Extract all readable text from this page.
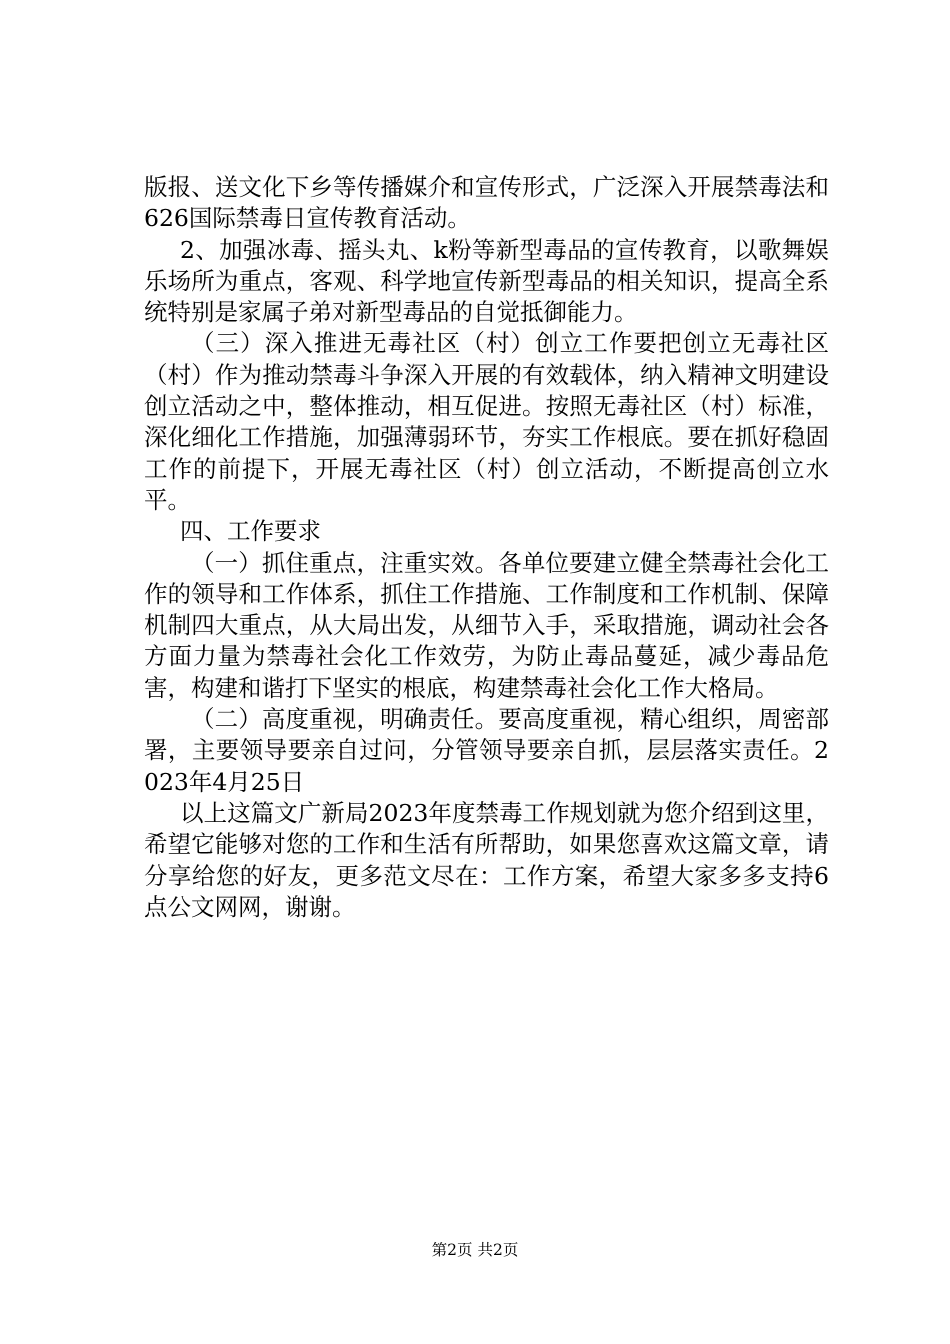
版报、送文化下乡等传播媒介和宣传形式，广泛深入开展禁毒法和626国际禁毒日宣传教育活动。

2、加强冰毒、摇头丸、k粉等新型毒品的宣传教育，以歌舞娱乐场所为重点，客观、科学地宣传新型毒品的相关知识，提高全系统特别是家属子弟对新型毒品的自觉抵御能力。

（三）深入推进无毒社区（村）创立工作要把创立无毒社区（村）作为推动禁毒斗争深入开展的有效载体，纳入精神文明建设创立活动之中，整体推动，相互促进。按照无毒社区（村）标准，深化细化工作措施，加强薄弱环节，夯实工作根底。要在抓好稳固工作的前提下，开展无毒社区（村）创立活动，不断提高创立水平。

四、工作要求

（一）抓住重点，注重实效。各单位要建立健全禁毒社会化工作的领导和工作体系，抓住工作措施、工作制度和工作机制、保障机制四大重点，从大局出发，从细节入手，采取措施，调动社会各方面力量为禁毒社会化工作效劳，为防止毒品蔓延，减少毒品危害，构建和谐打下坚实的根底，构建禁毒社会化工作大格局。

（二）高度重视，明确责任。要高度重视，精心组织，周密部署，主要领导要亲自过问，分管领导要亲自抓，层层落实责任。2023年4月25日

以上这篇文广新局2023年度禁毒工作规划就为您介绍到这里，希望它能够对您的工作和生活有所帮助，如果您喜欢这篇文章，请分享给您的好友，更多范文尽在：工作方案，希望大家多多支持6点公文网网，谢谢。

第2页 共2页
